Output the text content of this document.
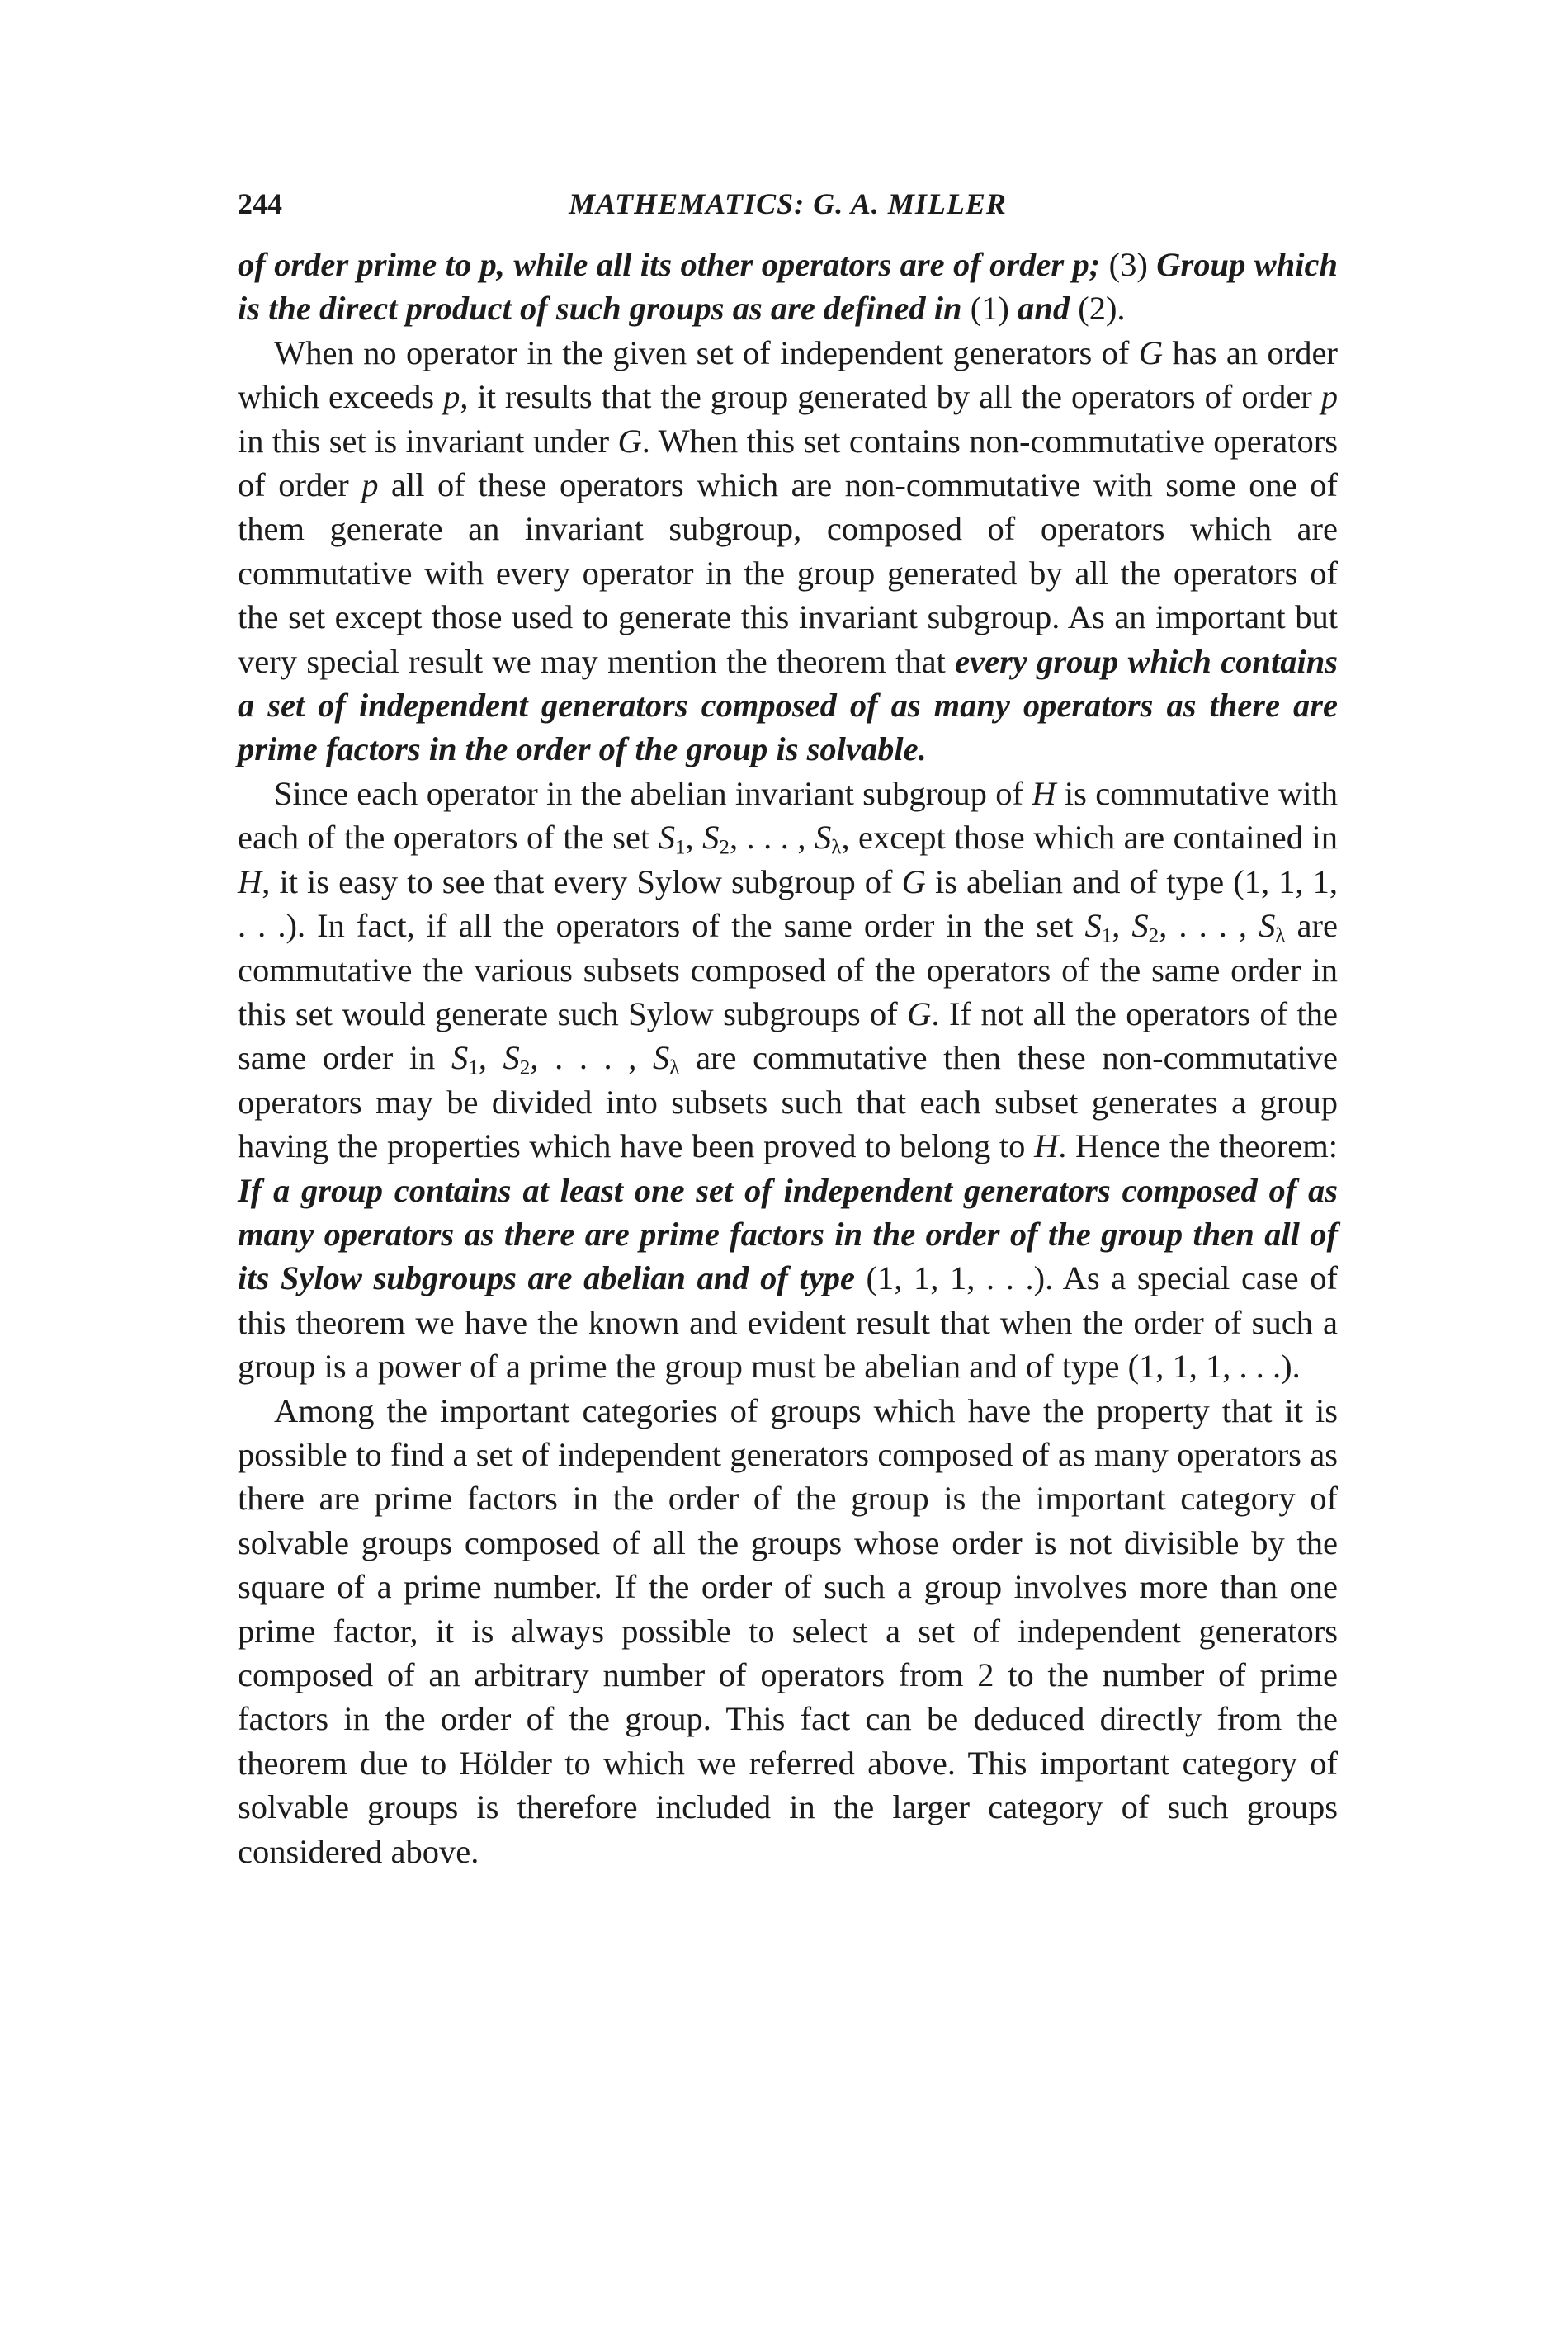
244	MATHEMATICS: G. A. MILLER

of order prime to p, while all its other operators are of order p; (3) Group which is the direct product of such groups as are defined in (1) and (2).

When no operator in the given set of independent generators of G has an order which exceeds p, it results that the group generated by all the operators of order p in this set is invariant under G. When this set contains non-commutative operators of order p all of these operators which are non-commutative with some one of them generate an invariant subgroup, composed of operators which are commutative with every operator in the group generated by all the operators of the set except those used to generate this invariant subgroup. As an important but very special result we may mention the theorem that every group which contains a set of independent generators composed of as many operators as there are prime factors in the order of the group is solvable.

Since each operator in the abelian invariant subgroup of H is commutative with each of the operators of the set $S_1$, $S_2$, . . . , $S_\lambda$, except those which are contained in H, it is easy to see that every Sylow subgroup of G is abelian and of type (1, 1, 1, . . .). In fact, if all the operators of the same order in the set $S_1$, $S_2$, . . . , $S_\lambda$ are commutative the various subsets composed of the operators of the same order in this set would generate such Sylow subgroups of G. If not all the operators of the same order in $S_1$, $S_2$, . . . , $S_\lambda$ are commutative then these non-commutative operators may be divided into subsets such that each subset generates a group having the properties which have been proved to belong to H. Hence the theorem: If a group contains at least one set of independent generators composed of as many operators as there are prime factors in the order of the group then all of its Sylow subgroups are abelian and of type (1, 1, 1, . . .). As a special case of this theorem we have the known and evident result that when the order of such a group is a power of a prime the group must be abelian and of type (1, 1, 1, . . .).

Among the important categories of groups which have the property that it is possible to find a set of independent generators composed of as many operators as there are prime factors in the order of the group is the important category of solvable groups composed of all the groups whose order is not divisible by the square of a prime number. If the order of such a group involves more than one prime factor, it is always possible to select a set of independent generators composed of an arbitrary number of operators from 2 to the number of prime factors in the order of the group. This fact can be deduced directly from the theorem due to Hölder to which we referred above. This important category of solvable groups is therefore included in the larger category of such groups considered above.
